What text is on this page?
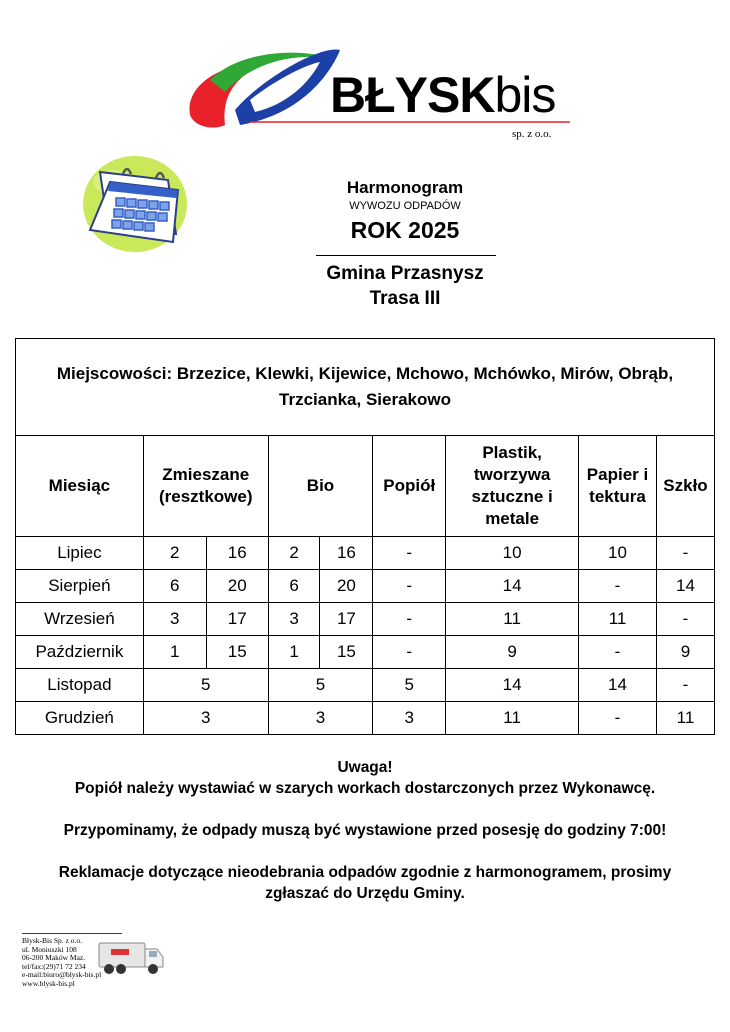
BŁYSKbis
sp. z o.o.
Harmonogram
WYWOZU ODPADÓW
ROK 2025
Gmina Przasnysz
Trasa III
Miejscowości: Brzezice, Klewki, Kijewice, Mchowo, Mchówko, Mirów, Obrąb, Trzcianka, Sierakowo								
Miesiąc	Zmieszane (resztkowe)		Bio		Popiół	Plastik, tworzywa sztuczne i metale	Papier i tektura	Szkło
Lipiec	2	16	2	16	-	10	10	-
Sierpień	6	20	6	20	-	14	-	14
Wrzesień	3	17	3	17	-	11	11	-
Październik	1	15	1	15	-	9	-	9
Listopad	5		5		5	14	14	-
Grudzień	3		3		3	11	-	11

Uwaga!

Popiół należy wystawiać w szarych workach dostarczonych przez Wykonawcę.

Przypominamy, że odpady muszą być wystawione przed posesję do godziny 7:00!

Reklamacje dotyczące nieodebrania odpadów zgodnie z harmonogramem, prosimy zgłaszać do Urzędu Gminy.

Błysk-Bis Sp. z o.o.
ul. Moniuszki 108
06-200 Maków Maz.
tel/fax:(29)71 72 234
e-mail:biuro@blysk-bis.pl
www.blysk-bis.pl
